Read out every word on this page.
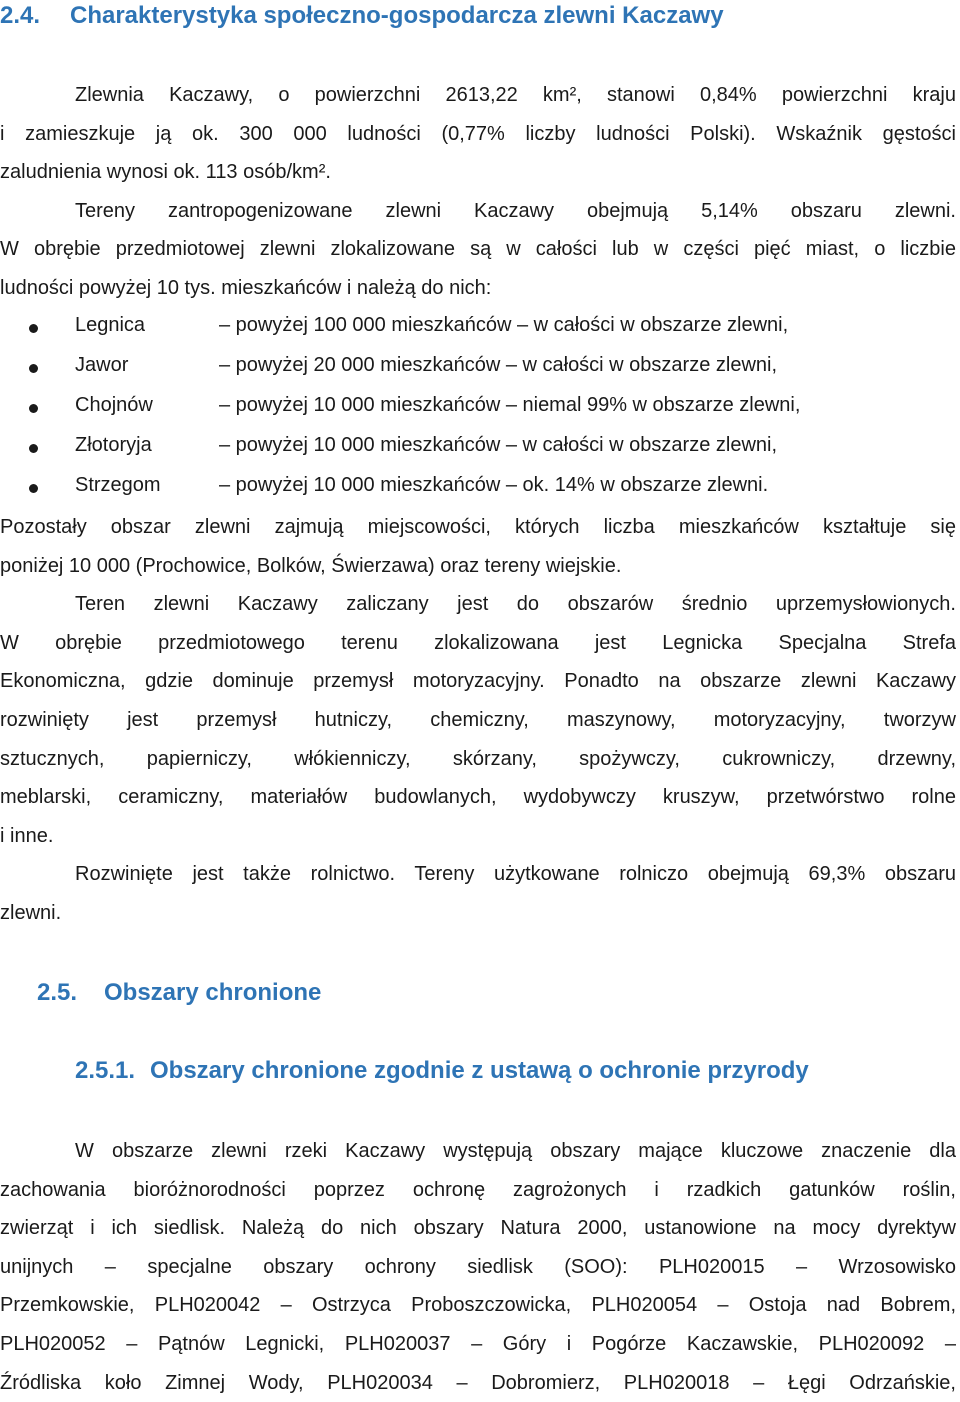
2.4. Charakterystyka społeczno-gospodarcza zlewni Kaczawy
Zlewnia Kaczawy, o powierzchni 2613,22 km², stanowi 0,84% powierzchni kraju
i zamieszkuje ją ok. 300 000 ludności (0,77% liczby ludności Polski). Wskaźnik gęstości
zaludnienia wynosi ok. 113 osób/km².
Tereny zantropogenizowane zlewni Kaczawy obejmują 5,14% obszaru zlewni.
W obrębie przedmiotowej zlewni zlokalizowane są w całości lub w części pięć miast, o liczbie
ludności powyżej 10 tys. mieszkańców i należą do nich:
Legnica	– powyżej 100 000 mieszkańców – w całości w obszarze zlewni,
Jawor	– powyżej 20 000 mieszkańców – w całości w obszarze zlewni,
Chojnów	– powyżej 10 000 mieszkańców – niemal 99% w obszarze zlewni,
Złotoryja	– powyżej 10 000 mieszkańców – w całości w obszarze zlewni,
Strzegom	– powyżej 10 000 mieszkańców – ok. 14% w obszarze zlewni.
Pozostały obszar zlewni zajmują miejscowości, których liczba mieszkańców kształtuje się
poniżej 10 000 (Prochowice, Bolków, Świerzawa) oraz tereny wiejskie.
Teren zlewni Kaczawy zaliczany jest do obszarów średnio uprzemysłowionych.
W obrębie przedmiotowego terenu zlokalizowana jest Legnicka Specjalna Strefa
Ekonomiczna, gdzie dominuje przemysł motoryzacyjny. Ponadto na obszarze zlewni Kaczawy
rozwinięty jest przemysł hutniczy, chemiczny, maszynowy, motoryzacyjny, tworzyw
sztucznych, papierniczy, włókienniczy, skórzany, spożywczy, cukrowniczy, drzewny,
meblarski, ceramiczny, materiałów budowlanych, wydobywczy kruszyw, przetwórstwo rolne
i inne.
Rozwinięte jest także rolnictwo. Tereny użytkowane rolniczo obejmują 69,3% obszaru
zlewni.
2.5. Obszary chronione
2.5.1. Obszary chronione zgodnie z ustawą o ochronie przyrody
W obszarze zlewni rzeki Kaczawy występują obszary mające kluczowe znaczenie dla
zachowania bioróżnorodności poprzez ochronę zagrożonych i rzadkich gatunków roślin,
zwierząt i ich siedlisk. Należą do nich obszary Natura 2000, ustanowione na mocy dyrektyw
unijnych – specjalne obszary ochrony siedlisk (SOO): PLH020015 – Wrzosowisko
Przemkowskie, PLH020042 – Ostrzyca Proboszczowicka, PLH020054 – Ostoja nad Bobrem,
PLH020052 – Pątnów Legnicki, PLH020037 – Góry i Pogórze Kaczawskie, PLH020092 –
Źródliska koło Zimnej Wody, PLH020034 – Dobromierz, PLH020018 – Łęgi Odrzańskie,
